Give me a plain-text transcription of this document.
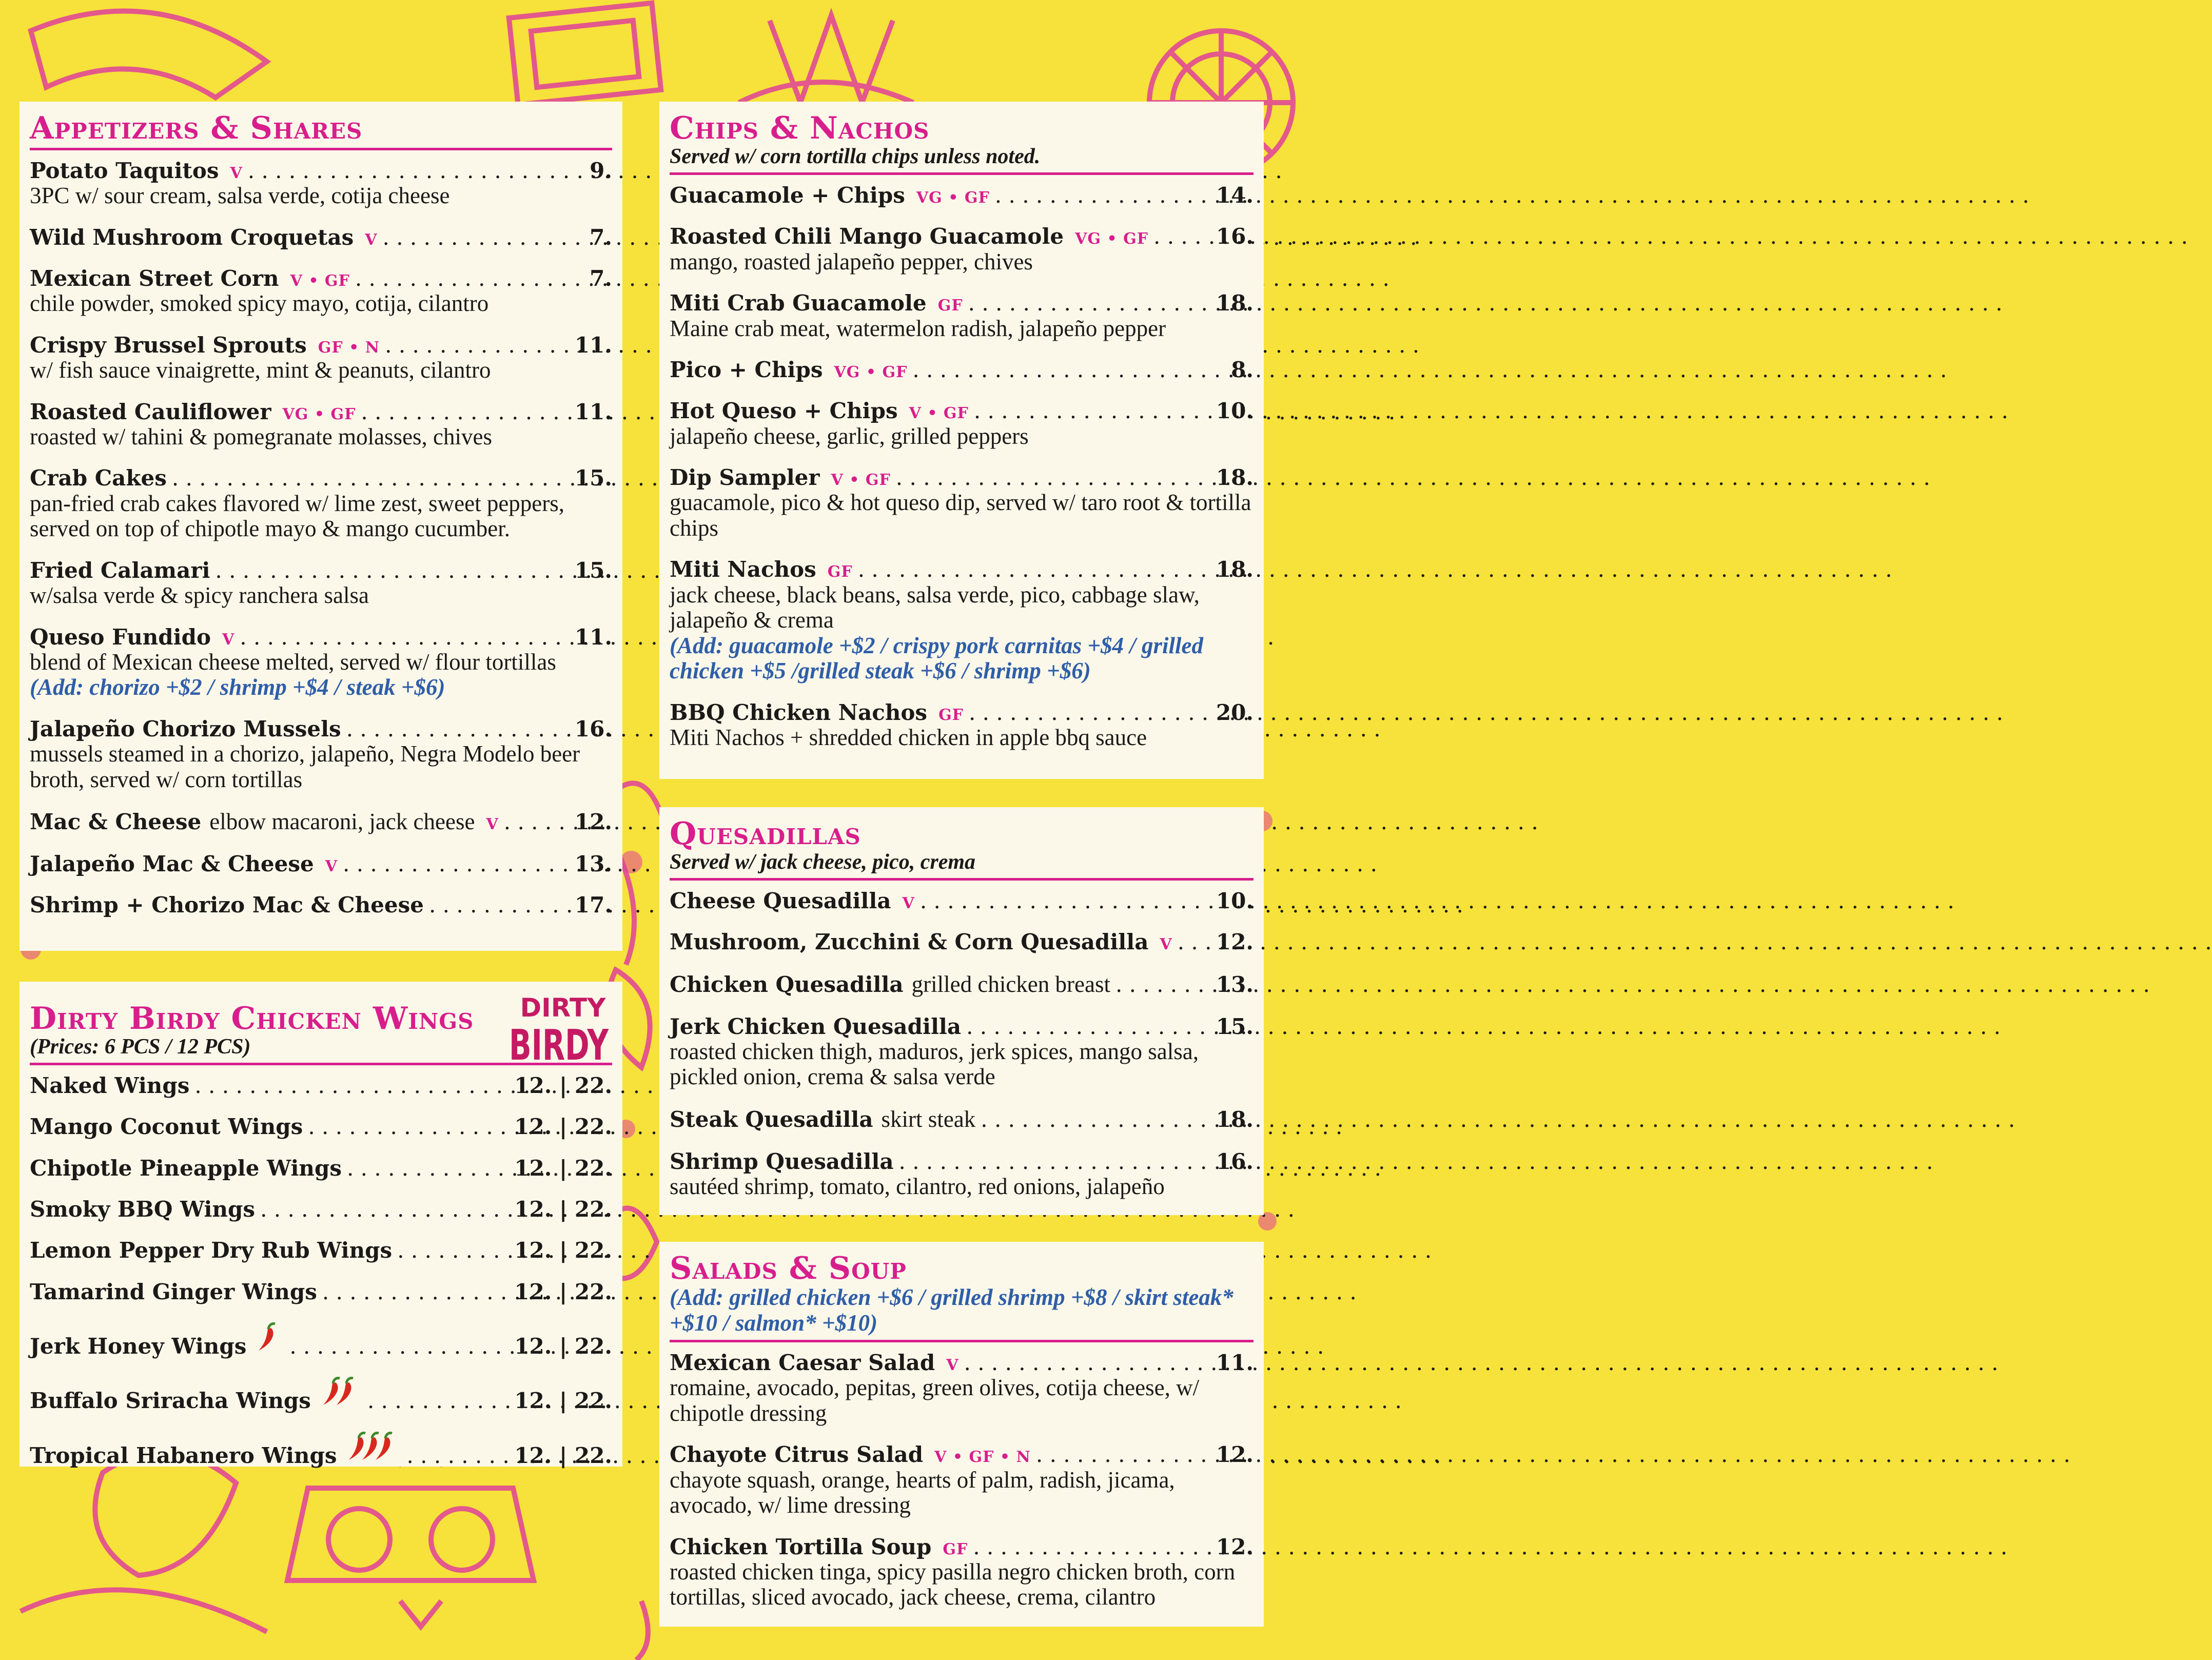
Appetizers & Shares
Potato Taquitos V . . .	9.
3PC w/ sour cream, salsa verde, cotija cheese
Wild Mushroom Croquetas V . . .	7.
Mexican Street Corn V • GF . . .	7.
chile powder, smoked spicy mayo, cotija, cilantro
Crispy Brussel Sprouts GF • N . . .	11.
w/ fish sauce vinaigrette, mint & peanuts, cilantro
Roasted Cauliflower VG • GF . . .	11.
roasted w/ tahini & pomegranate molasses, chives
Crab Cakes . . .	15.
pan-fried crab cakes flavored w/ lime zest, sweet peppers, served on top of chipotle mayo & mango cucumber.
Fried Calamari . . .	15.
w/salsa verde & spicy ranchera salsa
Queso Fundido V . . .	11.
blend of Mexican cheese melted, served w/ flour tortillas
(Add: chorizo +$2 / shrimp +$4 / steak +$6)
Jalapeño Chorizo Mussels . . .	16.
mussels steamed in a chorizo, jalapeño, Negra Modelo beer broth, served w/ corn tortillas
Mac & Cheese elbow macaroni, jack cheese V . . .	12.
Jalapeño Mac & Cheese V . . .	13.
Shrimp + Chorizo Mac & Cheese . . .	17.
Dirty Birdy Chicken Wings
(Prices: 6 PCS / 12 PCS)
Naked Wings . . .	12. | 22.
Mango Coconut Wings . . .	12. | 22.
Chipotle Pineapple Wings . . .	12. | 22.
Smoky BBQ Wings . . .	12. | 22.
Lemon Pepper Dry Rub Wings . . .	12. | 22.
Tamarind Ginger Wings . . .	12. | 22.
Jerk Honey Wings . . .	12. | 22.
Buffalo Sriracha Wings . . .	12. | 22.
Tropical Habanero Wings . . .	12. | 22.
DIRTY
BIRDY
Chips & Nachos
Served w/ corn tortilla chips unless noted.
Guacamole + Chips VG • GF . . .	14.
Roasted Chili Mango Guacamole VG • GF . . .	16.
mango, roasted jalapeño pepper, chives
Miti Crab Guacamole GF . . .	18.
Maine crab meat, watermelon radish, jalapeño pepper
Pico + Chips VG • GF . . .	8.
Hot Queso + Chips V • GF . . .	10.
jalapeño cheese, garlic, grilled peppers
Dip Sampler V • GF . . .	18.
guacamole, pico & hot queso dip, served w/ taro root & tortilla chips
Miti Nachos GF . . .	18.
jack cheese, black beans, salsa verde, pico, cabbage slaw, jalapeño & crema
(Add: guacamole +$2 / crispy pork carnitas +$4 / grilled chicken +$5 /grilled steak +$6 / shrimp +$6)
BBQ Chicken Nachos GF . . .	20.
Miti Nachos + shredded chicken in apple bbq sauce
Quesadillas
Served w/ jack cheese, pico, crema
Cheese Quesadilla V . . .	10.
Mushroom, Zucchini & Corn Quesadilla V . . . 12.
Chicken Quesadilla grilled chicken breast . . .	13.
Jerk Chicken Quesadilla . . .	15.
roasted chicken thigh, maduros, jerk spices, mango salsa, pickled onion, crema & salsa verde
Steak Quesadilla skirt steak . . .	18.
Shrimp Quesadilla . . .	16.
sautéed shrimp, tomato, cilantro, red onions, jalapeño
Salads & Soup
(Add: grilled chicken +$6 / grilled shrimp +$8 / skirt steak* +$10 / salmon* +$10)
Mexican Caesar Salad V . . .	11.
romaine, avocado, pepitas, green olives, cotija cheese, w/ chipotle dressing
Chayote Citrus Salad V • GF • N . . .	12.
chayote squash, orange, hearts of palm, radish, jicama, avocado, w/ lime dressing
Chicken Tortilla Soup GF . . .	12.
roasted chicken tinga, spicy pasilla negro chicken broth, corn tortillas, sliced avocado, jack cheese, crema, cilantro
